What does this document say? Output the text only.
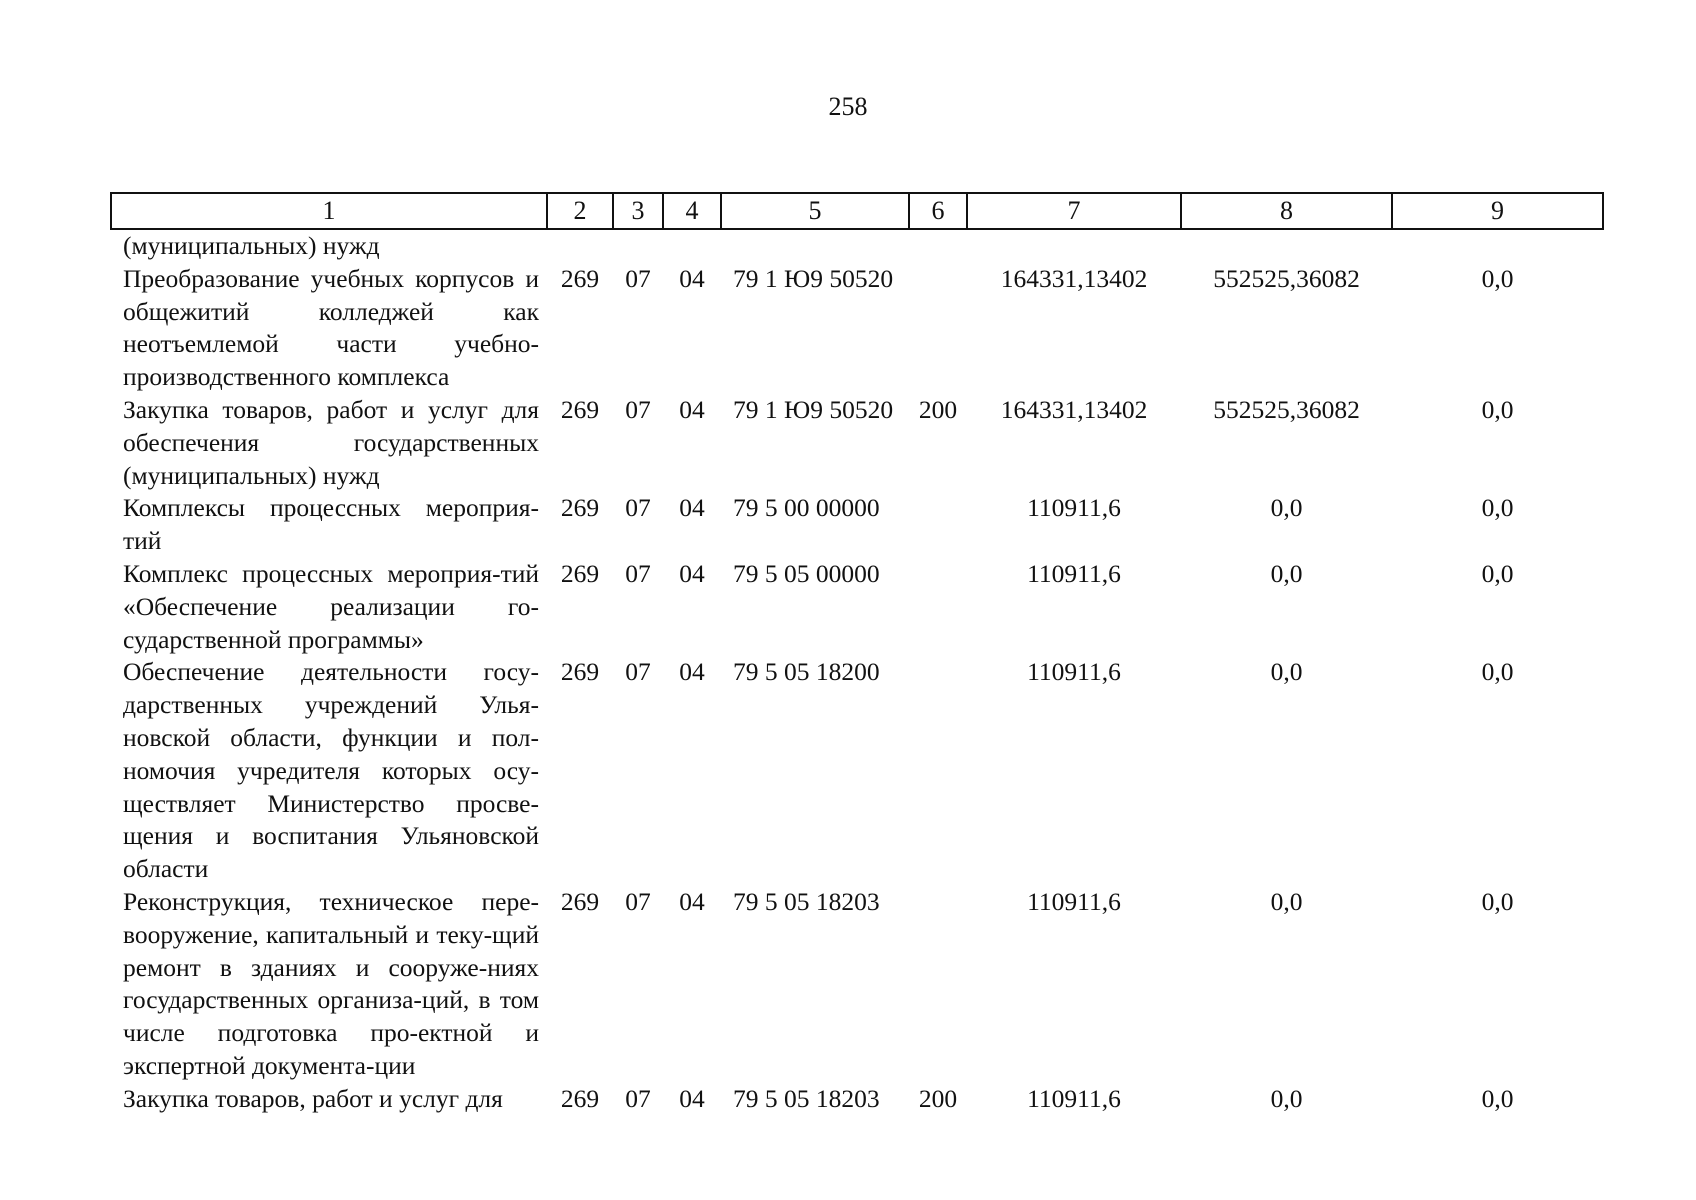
258
1	2	3	4	5	6	7	8	9
(муниципальных) нужд								
Преобразование учебных корпусов и общежитий колледжей как неотъемлемой части учебно-производственного комплекса	269	07	04	79 1 Ю9 50520		164331,13402	552525,36082	0,0
Закупка товаров, работ и услуг для обеспечения государственных (муниципальных) нужд	269	07	04	79 1 Ю9 50520	200	164331,13402	552525,36082	0,0
Комплексы процессных мероприя-тий	269	07	04	79 5 00 00000		110911,6	0,0	0,0
Комплекс процессных мероприя-тий «Обеспечение реализации го-сударственной программы»	269	07	04	79 5 05 00000		110911,6	0,0	0,0
Обеспечение деятельности госу-дарственных учреждений Улья-новской области, функции и пол-номочия учредителя которых осу-ществляет Министерство просве-щения и воспитания Ульяновской области	269	07	04	79 5 05 18200		110911,6	0,0	0,0
Реконструкция, техническое пере-вооружение, капитальный и теку-щий ремонт в зданиях и сооруже-ниях государственных организа-ций, в том числе подготовка про-ектной и экспертной документа-ции	269	07	04	79 5 05 18203		110911,6	0,0	0,0
Закупка товаров, работ и услуг для	269	07	04	79 5 05 18203	200	110911,6	0,0	0,0
